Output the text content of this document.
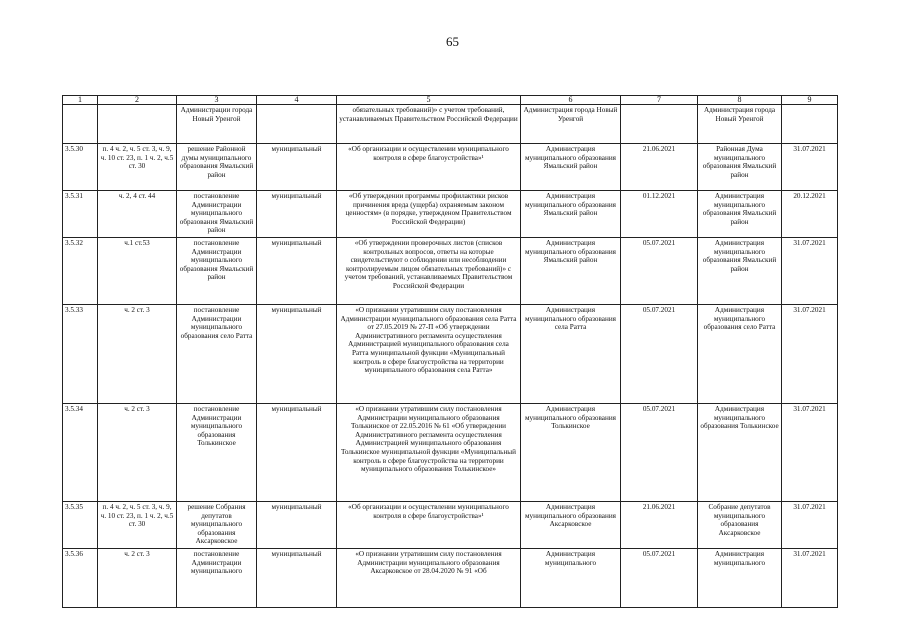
65
1	2	3	4	5	6	7	8	9
		Администрации города Новый Уренгой		обязательных требований)» с учетом требований, устанавливаемых Правительством Российской Федерации	Администрация города Новый Уренгой		Администрация города Новый Уренгой	
3.5.30	п. 4 ч. 2, ч. 5 ст. 3, ч. 9, ч. 10 ст. 23, п. 1 ч. 2, ч.5 ст. 30	решение Районной думы муниципального образования Ямальский район	муниципальный	«Об организации и осуществлении муниципального контроля в сфере благоустройства»¹	Администрация муниципального образования Ямальский район	21.06.2021	Районная Дума муниципального образования Ямальский район	31.07.2021
3.5.31	ч. 2, 4 ст. 44	постановление Администрации муниципального образования Ямальский район	муниципальный	«Об утверждении программы профилактики рисков причинения вреда (ущерба) охраняемым законом ценностям» (в порядке, утвержденом Правительством Российской Федерации)	Администрация муниципального образования Ямальский район	01.12.2021	Администрация муниципального образования Ямальский район	20.12.2021
3.5.32	ч.1 ст.53	постановление Администрации муниципального образования Ямальский район	муниципальный	«Об утверждении проверочных листов (списков контрольных вопросов, ответы на которые свидетельствуют о соблюдении или несоблюдении контролируемым лицом обязательных требований)» с учетом требований, устанавливаемых Правительством Российской Федерации	Администрация муниципального образования Ямальский район	05.07.2021	Администрация муниципального образования Ямальский район	31.07.2021
3.5.33	ч. 2 ст. 3	постановление Администрации муниципального образования село Ратта	муниципальный	«О признании утратившим силу постановления Администрации муниципального образования села Ратта от 27.05.2019 № 27-П «Об утверждении Административного регламента осуществления Администрацией муниципального образования села Ратта муниципальной функции «Муниципальный контроль в сфере благоустройства на территории муниципального образования села Ратта»	Администрация муниципального образования села Ратта	05.07.2021	Администрация муниципального образования село Ратта	31.07.2021
3.5.34	ч. 2 ст. 3	постановление Администрации муниципального образования Толькинское	муниципальный	«О признании утратившим силу постановления Администрации муниципального образования Толькинское от 22.05.2016 № 61 «Об утверждении Административного регламента осуществления Администрацией муниципального образования Толькинское муниципальной функции «Муниципальный контроль в сфере благоустройства на территории муниципального образования Толькинское»	Администрация муниципального образования Толькинское	05.07.2021	Администрация муниципального образования Толькинское	31.07.2021
3.5.35	п. 4 ч. 2, ч. 5 ст. 3, ч. 9, ч. 10 ст. 23, п. 1 ч. 2, ч.5 ст. 30	решение Собрания депутатов муниципального образования Аксарковское	муниципальный	«Об организации и осуществлении муниципального контроля в сфере благоустройства»¹	Администрация муниципального образования Аксарковское	21.06.2021	Собрание депутатов муниципального образования Аксарковское	31.07.2021
3.5.36	ч. 2 ст. 3	постановление Администрации муниципального	муниципальный	«О признании утратившим силу постановления Администрации муниципального образования Аксарковское от 28.04.2020 № 91 «Об	Администрация муниципального	05.07.2021	Администрация муниципального	31.07.2021
